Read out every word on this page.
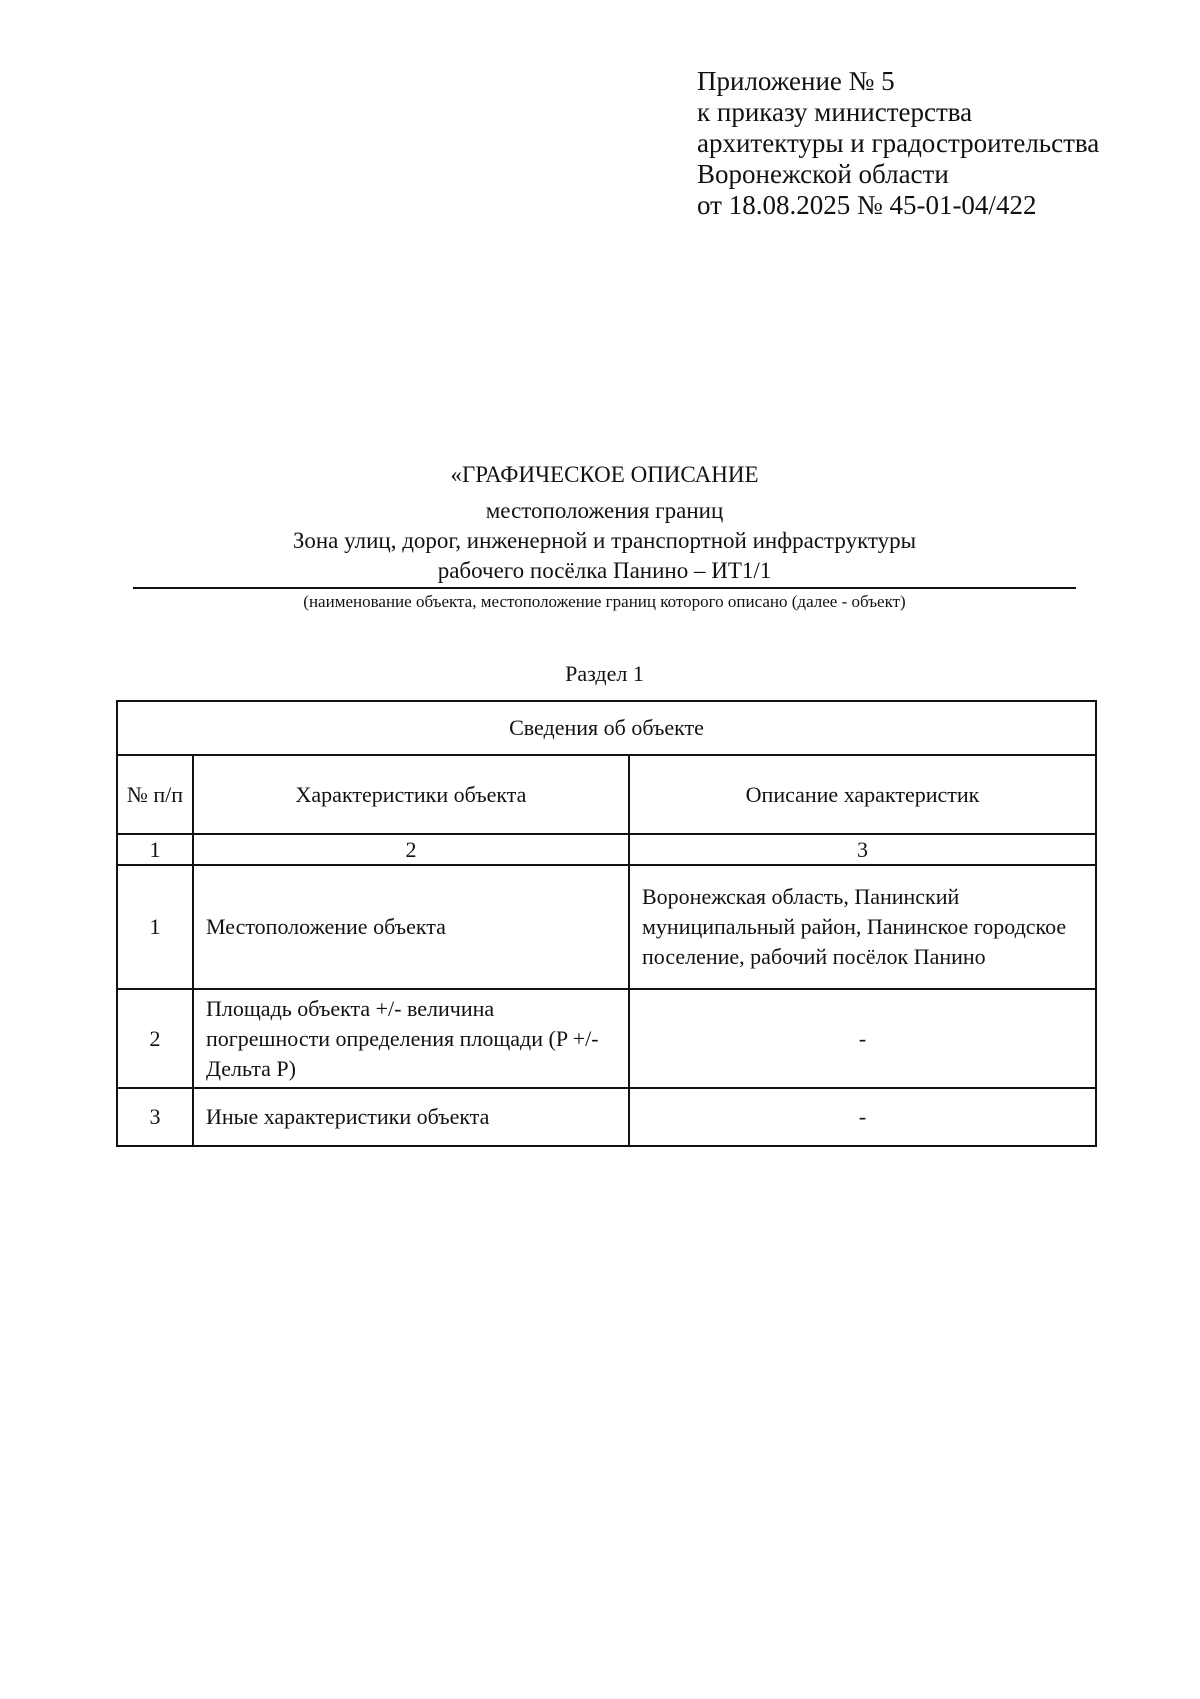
Приложение № 5
к приказу министерства
архитектуры и градостроительства
Воронежской области
от 18.08.2025 № 45-01-04/422
«ГРАФИЧЕСКОЕ ОПИСАНИЕ
местоположения границ
Зона улиц, дорог, инженерной и транспортной инфраструктуры
рабочего посёлка Панино – ИТ1/1
(наименование объекта, местоположение границ которого описано (далее - объект)
Раздел 1
Сведения об объекте		
№ п/п	Характеристики объекта	Описание характеристик
1	2	3
1	Местоположение объекта	Воронежская область, Панинский муниципальный район, Панинское городское поселение, рабочий посёлок Панино
2	Площадь объекта +/- величина погрешности определения площади (P +/- Дельта P)	-
3	Иные характеристики объекта	-
